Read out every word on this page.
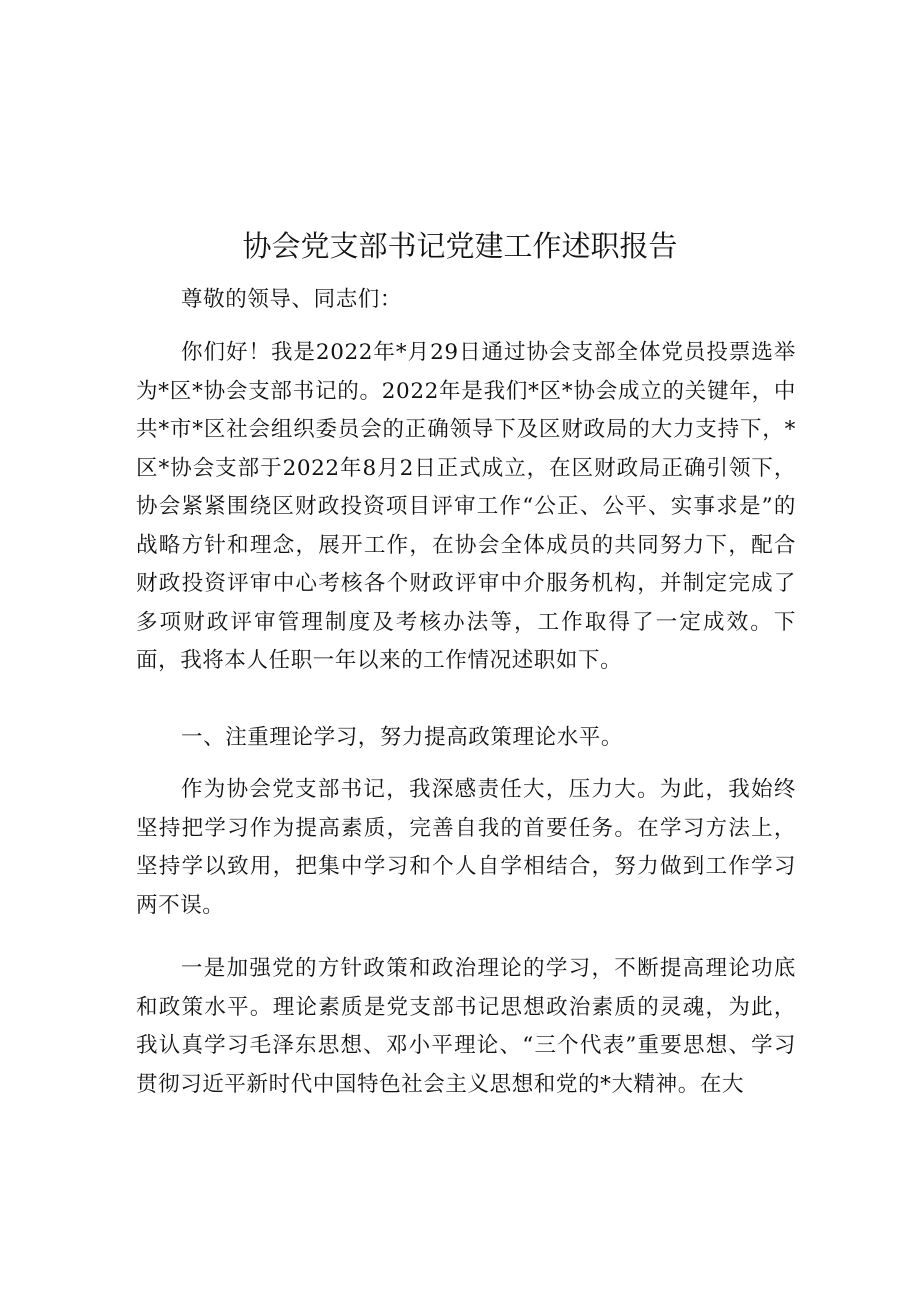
协会党支部书记党建工作述职报告

尊敬的领导、同志们：

你们好！我是2022年*月29日通过协会支部全体党员投票选举为*区*协会支部书记的。2022年是我们*区*协会成立的关键年，中共*市*区社会组织委员会的正确领导下及区财政局的大力支持下，*区*协会支部于2022年8月2日正式成立，在区财政局正确引领下，协会紧紧围绕区财政投资项目评审工作“公正、公平、实事求是”的战略方针和理念，展开工作，在协会全体成员的共同努力下，配合财政投资评审中心考核各个财政评审中介服务机构，并制定完成了多项财政评审管理制度及考核办法等，工作取得了一定成效。下面，我将本人任职一年以来的工作情况述职如下。

一、注重理论学习，努力提高政策理论水平。

作为协会党支部书记，我深感责任大，压力大。为此，我始终坚持把学习作为提高素质，完善自我的首要任务。在学习方法上，坚持学以致用，把集中学习和个人自学相结合，努力做到工作学习两不误。

一是加强党的方针政策和政治理论的学习，不断提高理论功底和政策水平。理论素质是党支部书记思想政治素质的灵魂，为此，我认真学习毛泽东思想、邓小平理论、“三个代表”重要思想、学习贯彻习近平新时代中国特色社会主义思想和党的*大精神。在大
